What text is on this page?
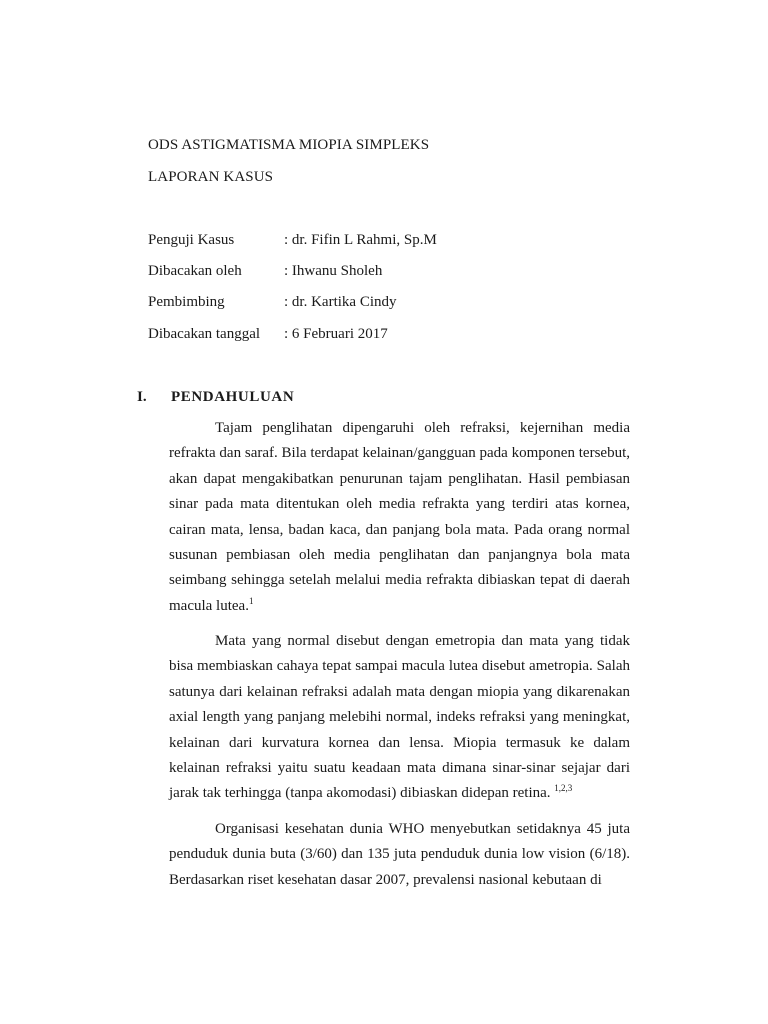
ODS ASTIGMATISMA MIOPIA SIMPLEKS
LAPORAN KASUS
Penguji Kasus	: dr. Fifin L Rahmi, Sp.M
Dibacakan oleh	: Ihwanu Sholeh
Pembimbing	: dr. Kartika Cindy
Dibacakan tanggal : 6 Februari 2017
I. PENDAHULUAN

Tajam penglihatan dipengaruhi oleh refraksi, kejernihan media refrakta dan saraf. Bila terdapat kelainan/gangguan pada komponen tersebut, akan dapat mengakibatkan penurunan tajam penglihatan. Hasil pembiasan sinar pada mata ditentukan oleh media refrakta yang terdiri atas kornea, cairan mata, lensa, badan kaca, dan panjang bola mata. Pada orang normal susunan pembiasan oleh media penglihatan dan panjangnya bola mata seimbang sehingga setelah melalui media refrakta dibiaskan tepat di daerah macula lutea.$^1$

Mata yang normal disebut dengan emetropia dan mata yang tidak bisa membiaskan cahaya tepat sampai macula lutea disebut ametropia. Salah satunya dari kelainan refraksi adalah mata dengan miopia yang dikarenakan axial length yang panjang melebihi normal, indeks refraksi yang meningkat, kelainan dari kurvatura kornea dan lensa. Miopia termasuk ke dalam kelainan refraksi yaitu suatu keadaan mata dimana sinar-sinar sejajar dari jarak tak terhingga (tanpa akomodasi) dibiaskan didepan retina. $^{1,2,3}$

Organisasi kesehatan dunia WHO menyebutkan setidaknya 45 juta penduduk dunia buta (3/60) dan 135 juta penduduk dunia low vision (6/18). Berdasarkan riset kesehatan dasar 2007, prevalensi nasional kebutaan di
